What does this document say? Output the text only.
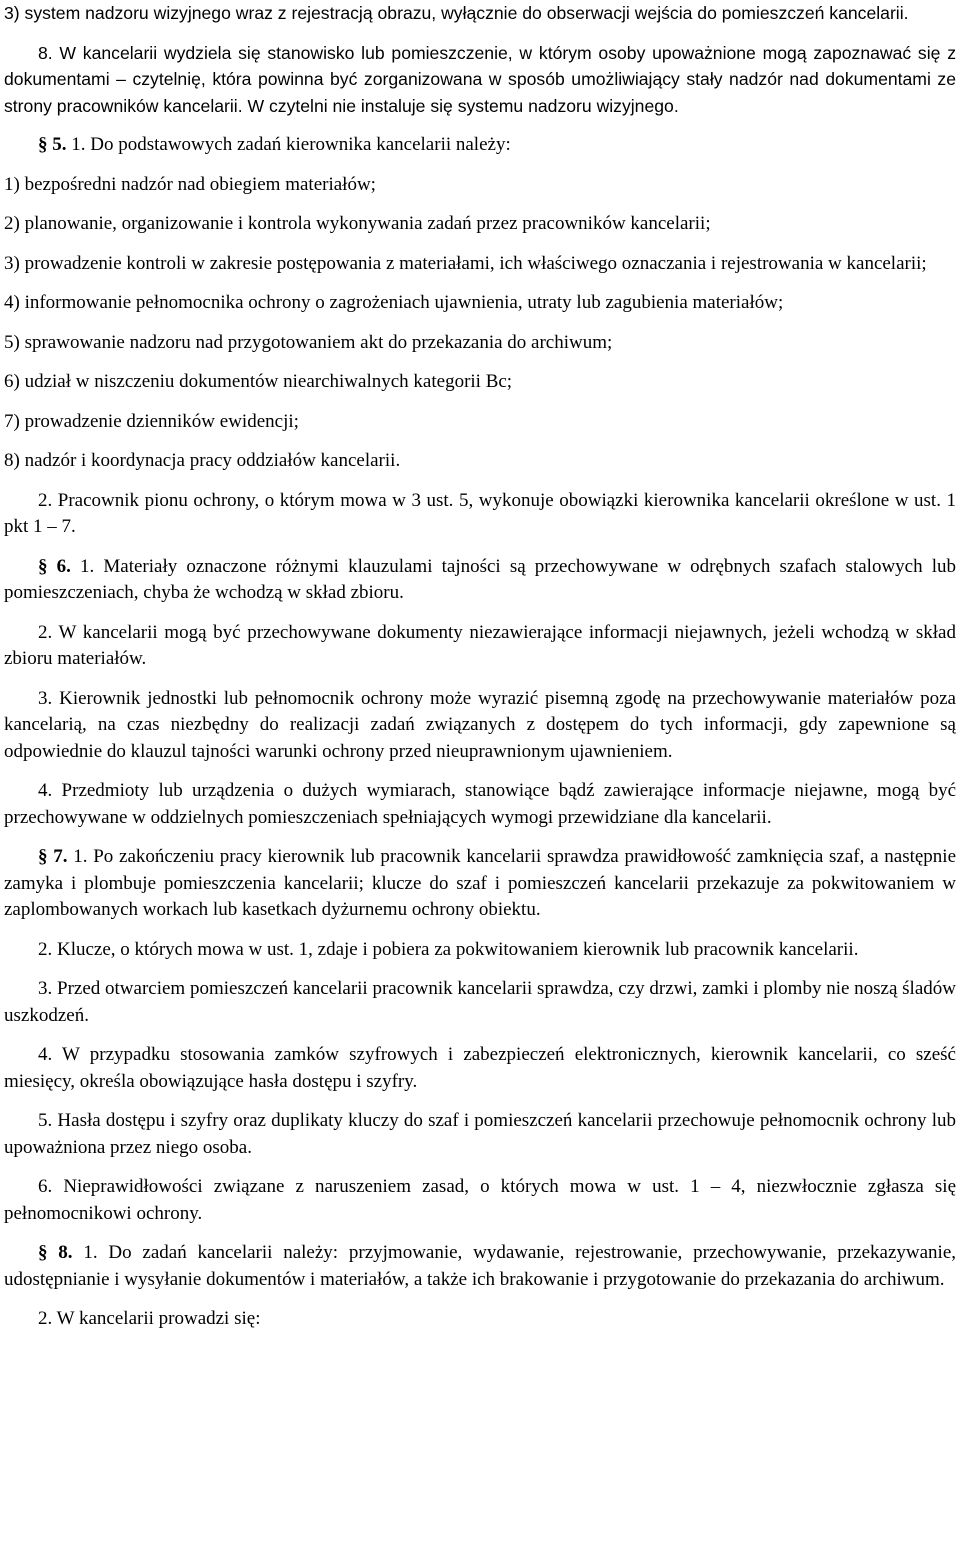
3) system nadzoru wizyjnego wraz z rejestracją obrazu, wyłącznie do obserwacji wejścia do pomieszczeń kancelarii.

8. W kancelarii wydziela się stanowisko lub pomieszczenie, w którym osoby upoważnione mogą zapoznawać się z dokumentami – czytelnię, która powinna być zorganizowana w sposób umożliwiający stały nadzór nad dokumentami ze strony pracowników kancelarii. W czytelni nie instaluje się systemu nadzoru wizyjnego.

§ 5. 1. Do podstawowych zadań kierownika kancelarii należy:

1) bezpośredni nadzór nad obiegiem materiałów;

2) planowanie, organizowanie i kontrola wykonywania zadań przez pracowników kancelarii;

3) prowadzenie kontroli w zakresie postępowania z materiałami, ich właściwego oznaczania i rejestrowania w kancelarii;

4) informowanie pełnomocnika ochrony o zagrożeniach ujawnienia, utraty lub zagubienia materiałów;

5) sprawowanie nadzoru nad przygotowaniem akt do przekazania do archiwum;

6) udział w niszczeniu dokumentów niearchiwalnych kategorii Bc;

7) prowadzenie dzienników ewidencji;

8) nadzór i koordynacja pracy oddziałów kancelarii.

2. Pracownik pionu ochrony, o którym mowa w 3 ust. 5, wykonuje obowiązki kierownika kancelarii określone w ust. 1 pkt 1 – 7.

§ 6. 1. Materiały oznaczone różnymi klauzulami tajności są przechowywane w odrębnych szafach stalowych lub pomieszczeniach, chyba że wchodzą w skład zbioru.

2. W kancelarii mogą być przechowywane dokumenty niezawierające informacji niejawnych, jeżeli wchodzą w skład zbioru materiałów.

3. Kierownik jednostki lub pełnomocnik ochrony może wyrazić pisemną zgodę na przechowywanie materiałów poza kancelarią, na czas niezbędny do realizacji zadań związanych z dostępem do tych informacji, gdy zapewnione są odpowiednie do klauzul tajności warunki ochrony przed nieuprawnionym ujawnieniem.

4. Przedmioty lub urządzenia o dużych wymiarach, stanowiące bądź zawierające informacje niejawne, mogą być przechowywane w oddzielnych pomieszczeniach spełniających wymogi przewidziane dla kancelarii.

§ 7. 1. Po zakończeniu pracy kierownik lub pracownik kancelarii sprawdza prawidłowość zamknięcia szaf, a następnie zamyka i plombuje pomieszczenia kancelarii; klucze do szaf i pomieszczeń kancelarii przekazuje za pokwitowaniem w zaplombowanych workach lub kasetkach dyżurnemu ochrony obiektu.

2. Klucze, o których mowa w ust. 1, zdaje i pobiera za pokwitowaniem kierownik lub pracownik kancelarii.

3. Przed otwarciem pomieszczeń kancelarii pracownik kancelarii sprawdza, czy drzwi, zamki i plomby nie noszą śladów uszkodzeń.

4. W przypadku stosowania zamków szyfrowych i zabezpieczeń elektronicznych, kierownik kancelarii, co sześć miesięcy, określa obowiązujące hasła dostępu i szyfry.

5. Hasła dostępu i szyfry oraz duplikaty kluczy do szaf i pomieszczeń kancelarii przechowuje pełnomocnik ochrony lub upoważniona przez niego osoba.

6. Nieprawidłowości związane z naruszeniem zasad, o których mowa w ust. 1 – 4, niezwłocznie zgłasza się pełnomocnikowi ochrony.

§ 8. 1. Do zadań kancelarii należy: przyjmowanie, wydawanie, rejestrowanie, przechowywanie, przekazywanie, udostępnianie i wysyłanie dokumentów i materiałów, a także ich brakowanie i przygotowanie do przekazania do archiwum.

2. W kancelarii prowadzi się:
